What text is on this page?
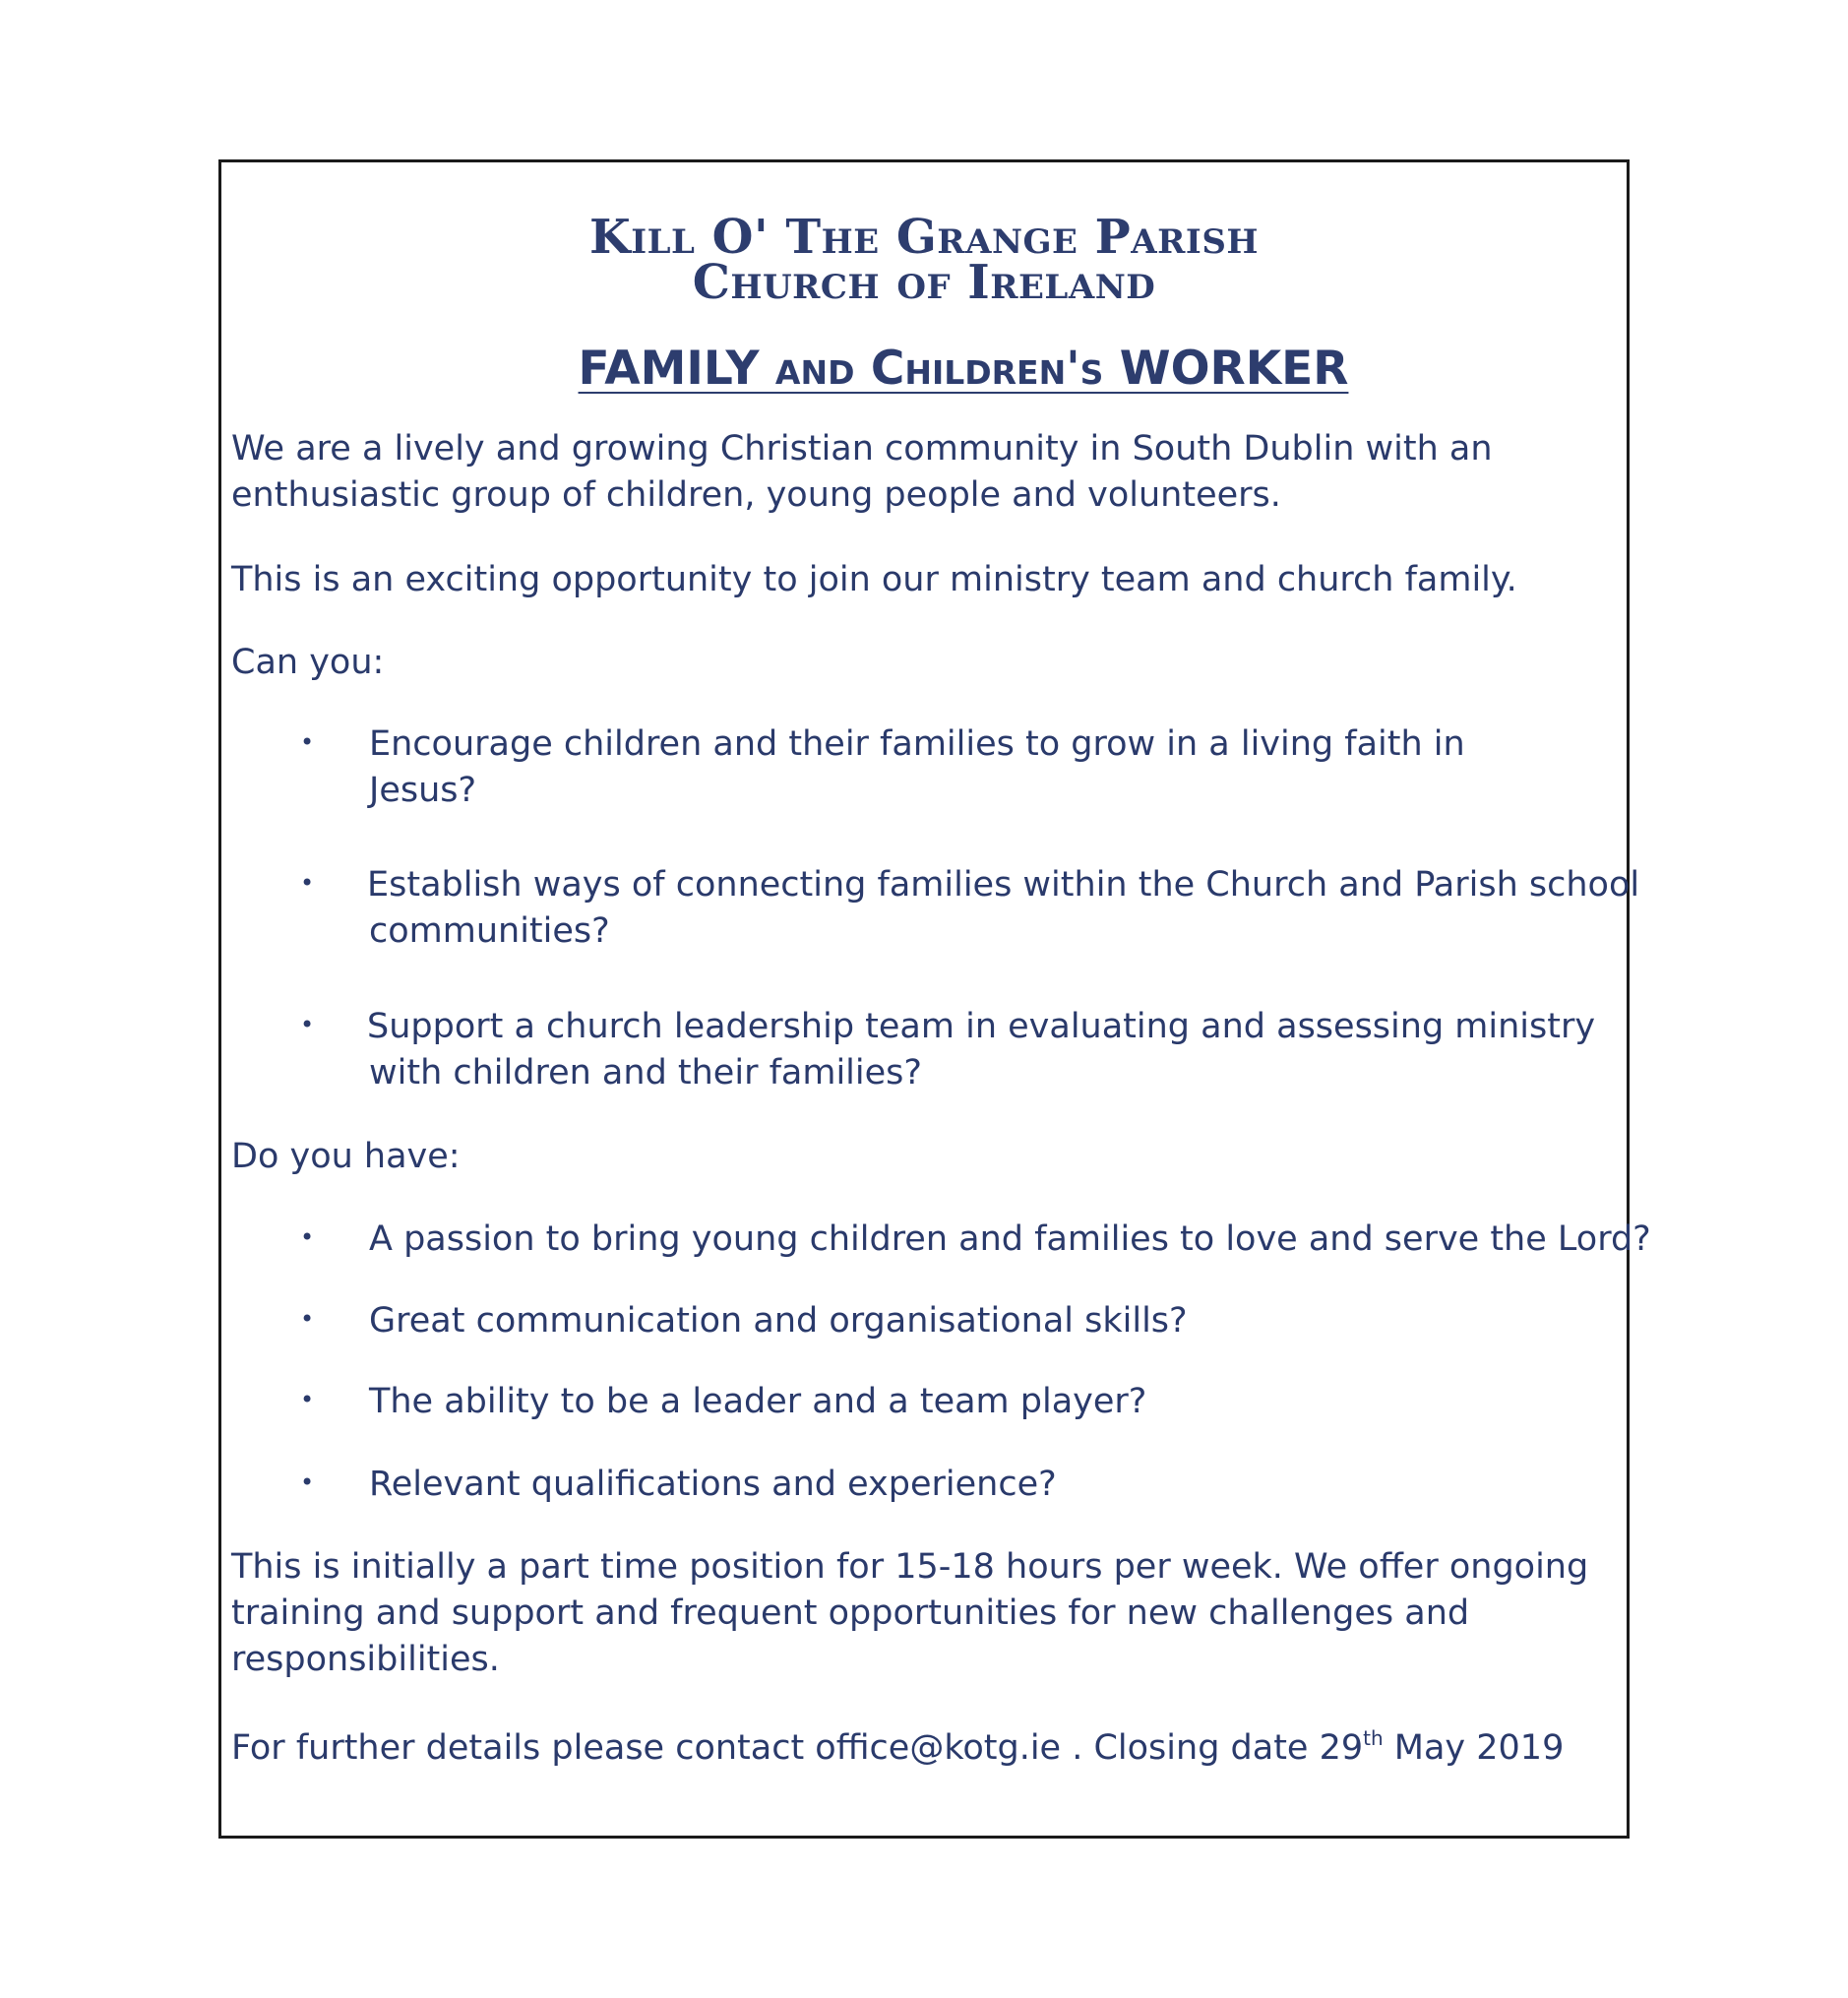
Kill O' The Grange Parish
Church of Ireland
FAMILY and Children's WORKER

We are a lively and growing Christian community in South Dublin with an

enthusiastic group of children, young people and volunteers.

This is an exciting opportunity to join our ministry team and church family.

Can you:

• Encourage children and their families to grow in a living faith in
Jesus?
• Establish ways of connecting families within the Church and Parish school
communities?
• Support a church leadership team in evaluating and assessing ministry
with children and their families?

Do you have:

• A passion to bring young children and families to love and serve the Lord?
• Great communication and organisational skills?
• The ability to be a leader and a team player?
• Relevant qualifications and experience?

This is initially a part time position for 15-18 hours per week. We offer ongoing

training and support and frequent opportunities for new challenges and

responsibilities.

For further details please contact office@kotg.ie . Closing date 29th May 2019
